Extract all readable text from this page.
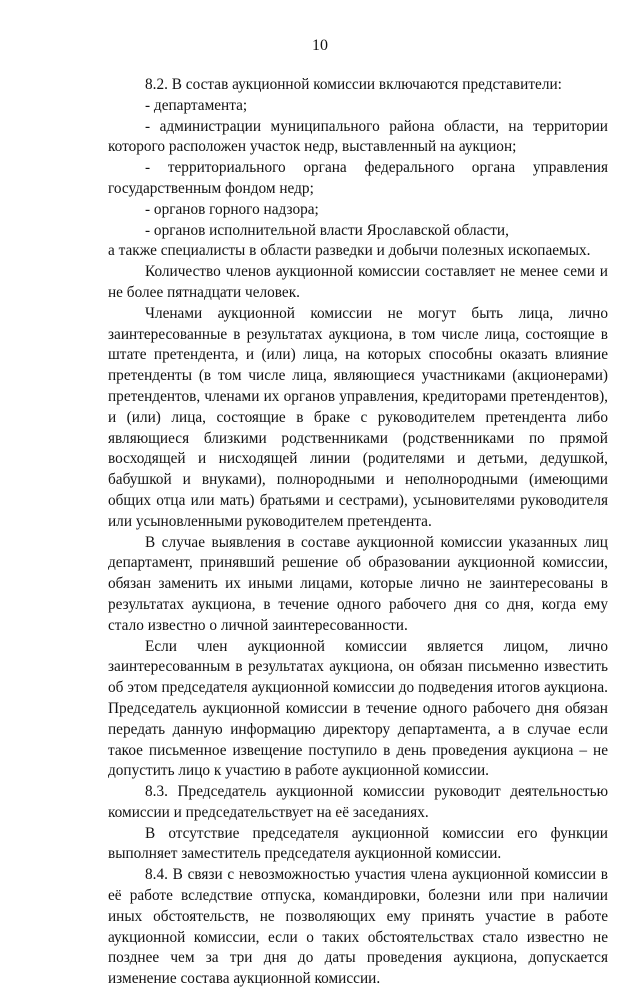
10

8.2. В состав аукционной комиссии включаются представители:

- департамента;

- администрации муниципального района области, на территории которого расположен участок недр, выставленный на аукцион;

- территориального органа федерального органа управления государственным фондом недр;

- органов горного надзора;

- органов исполнительной власти Ярославской области,

а также специалисты в области разведки и добычи полезных ископаемых.

Количество членов аукционной комиссии составляет не менее семи и не более пятнадцати человек.

Членами аукционной комиссии не могут быть лица, лично заинтересованные в результатах аукциона, в том числе лица, состоящие в штате претендента, и (или) лица, на которых способны оказать влияние претенденты (в том числе лица, являющиеся участниками (акционерами) претендентов, членами их органов управления, кредиторами претендентов), и (или) лица, состоящие в браке с руководителем претендента либо являющиеся близкими родственниками (родственниками по прямой восходящей и нисходящей линии (родителями и детьми, дедушкой, бабушкой и внуками), полнородными и неполнородными (имеющими общих отца или мать) братьями и сестрами), усыновителями руководителя или усыновленными руководителем претендента.

В случае выявления в составе аукционной комиссии указанных лиц департамент, принявший решение об образовании аукционной комиссии, обязан заменить их иными лицами, которые лично не заинтересованы в результатах аукциона, в течение одного рабочего дня со дня, когда ему стало известно о личной заинтересованности.

Если член аукционной комиссии является лицом, лично заинтересованным в результатах аукциона, он обязан письменно известить об этом председателя аукционной комиссии до подведения итогов аукциона. Председатель аукционной комиссии в течение одного рабочего дня обязан передать данную информацию директору департамента, а в случае если такое письменное извещение поступило в день проведения аукциона – не допустить лицо к участию в работе аукционной комиссии.

8.3. Председатель аукционной комиссии руководит деятельностью комиссии и председательствует на её заседаниях.

В отсутствие председателя аукционной комиссии его функции выполняет заместитель председателя аукционной комиссии.

8.4. В связи с невозможностью участия члена аукционной комиссии в её работе вследствие отпуска, командировки, болезни или при наличии иных обстоятельств, не позволяющих ему принять участие в работе аукционной комиссии, если о таких обстоятельствах стало известно не позднее чем за три дня до даты проведения аукциона, допускается изменение состава аукционной комиссии.
